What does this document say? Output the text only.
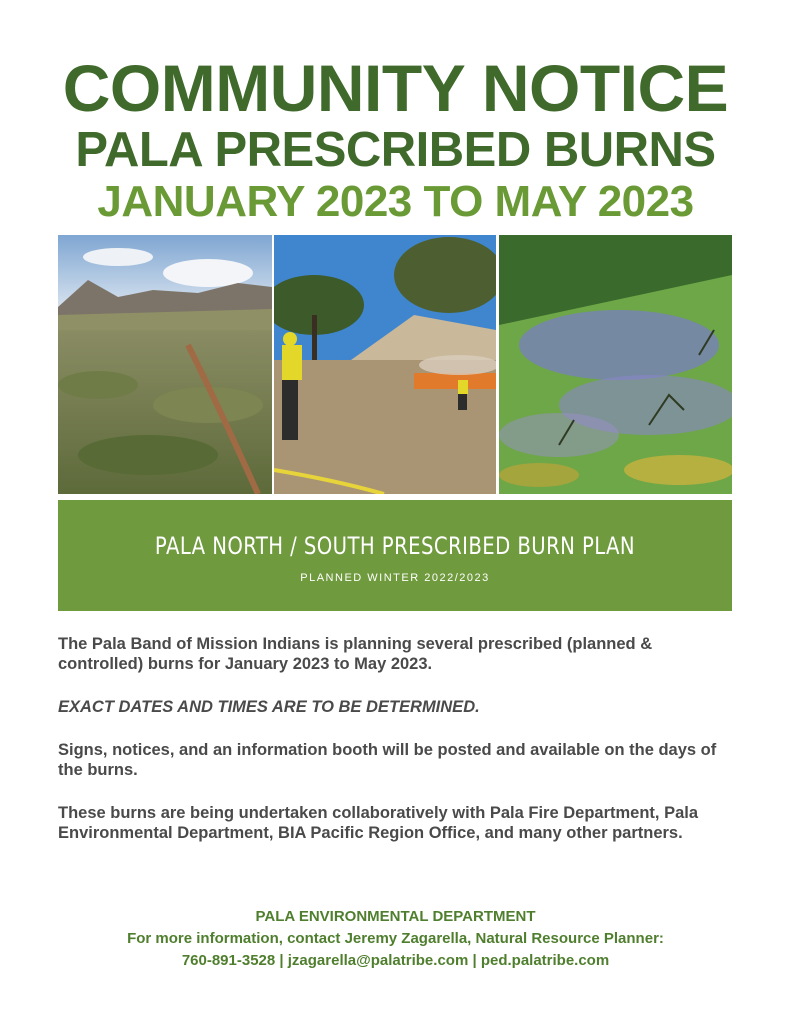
COMMUNITY NOTICE
PALA PRESCRIBED BURNS
JANUARY 2023 TO MAY 2023
PALA NORTH / SOUTH PRESCRIBED BURN PLAN
PLANNED WINTER 2022/2023
The Pala Band of Mission Indians is planning several prescribed (planned & controlled) burns for January 2023 to May 2023.
EXACT DATES AND TIMES ARE TO BE DETERMINED.
Signs, notices, and an information booth will be posted and available on the days of the burns.
These burns are being undertaken collaboratively with Pala Fire Department, Pala Environmental Department, BIA Pacific Region Office, and many other partners.
PALA ENVIRONMENTAL DEPARTMENT
For more information, contact Jeremy Zagarella, Natural Resource Planner:
760-891-3528 | jzagarella@palatribe.com | ped.palatribe.com
